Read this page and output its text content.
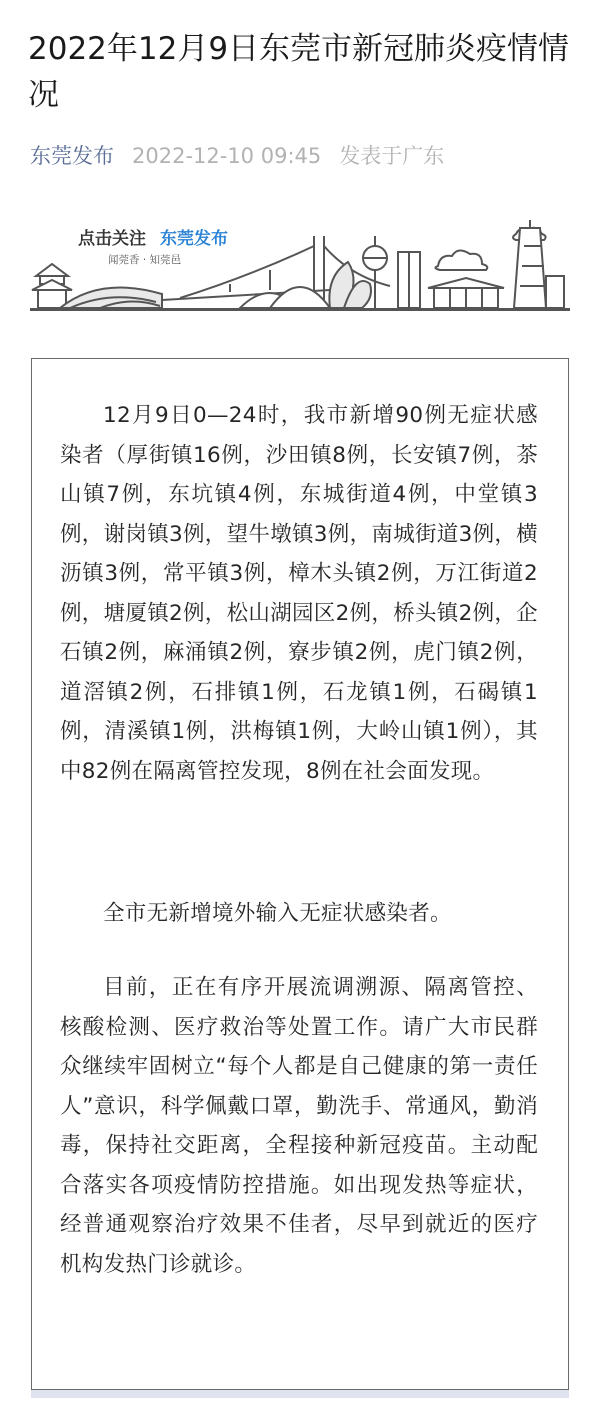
2022年12月9日东莞市新冠肺炎疫情情况
东莞发布 2022-12-10 09:45 发表于广东
点击关注 东莞发布
闻莞香 · 知莞邑

12月9日0—24时，我市新增90例无症状感染者（厚街镇16例，沙田镇8例，长安镇7例，茶山镇7例，东坑镇4例，东城街道4例，中堂镇3例，谢岗镇3例，望牛墩镇3例，南城街道3例，横沥镇3例，常平镇3例，樟木头镇2例，万江街道2例，塘厦镇2例，松山湖园区2例，桥头镇2例，企石镇2例，麻涌镇2例，寮步镇2例，虎门镇2例，道滘镇2例，石排镇1例，石龙镇1例，石碣镇1例，清溪镇1例，洪梅镇1例，大岭山镇1例），其中82例在隔离管控发现，8例在社会面发现。

全市无新增境外输入无症状感染者。

目前，正在有序开展流调溯源、隔离管控、核酸检测、医疗救治等处置工作。请广大市民群众继续牢固树立“每个人都是自己健康的第一责任人”意识，科学佩戴口罩，勤洗手、常通风，勤消毒，保持社交距离，全程接种新冠疫苗。主动配合落实各项疫情防控措施。如出现发热等症状，经普通观察治疗效果不佳者，尽早到就近的医疗机构发热门诊就诊。
